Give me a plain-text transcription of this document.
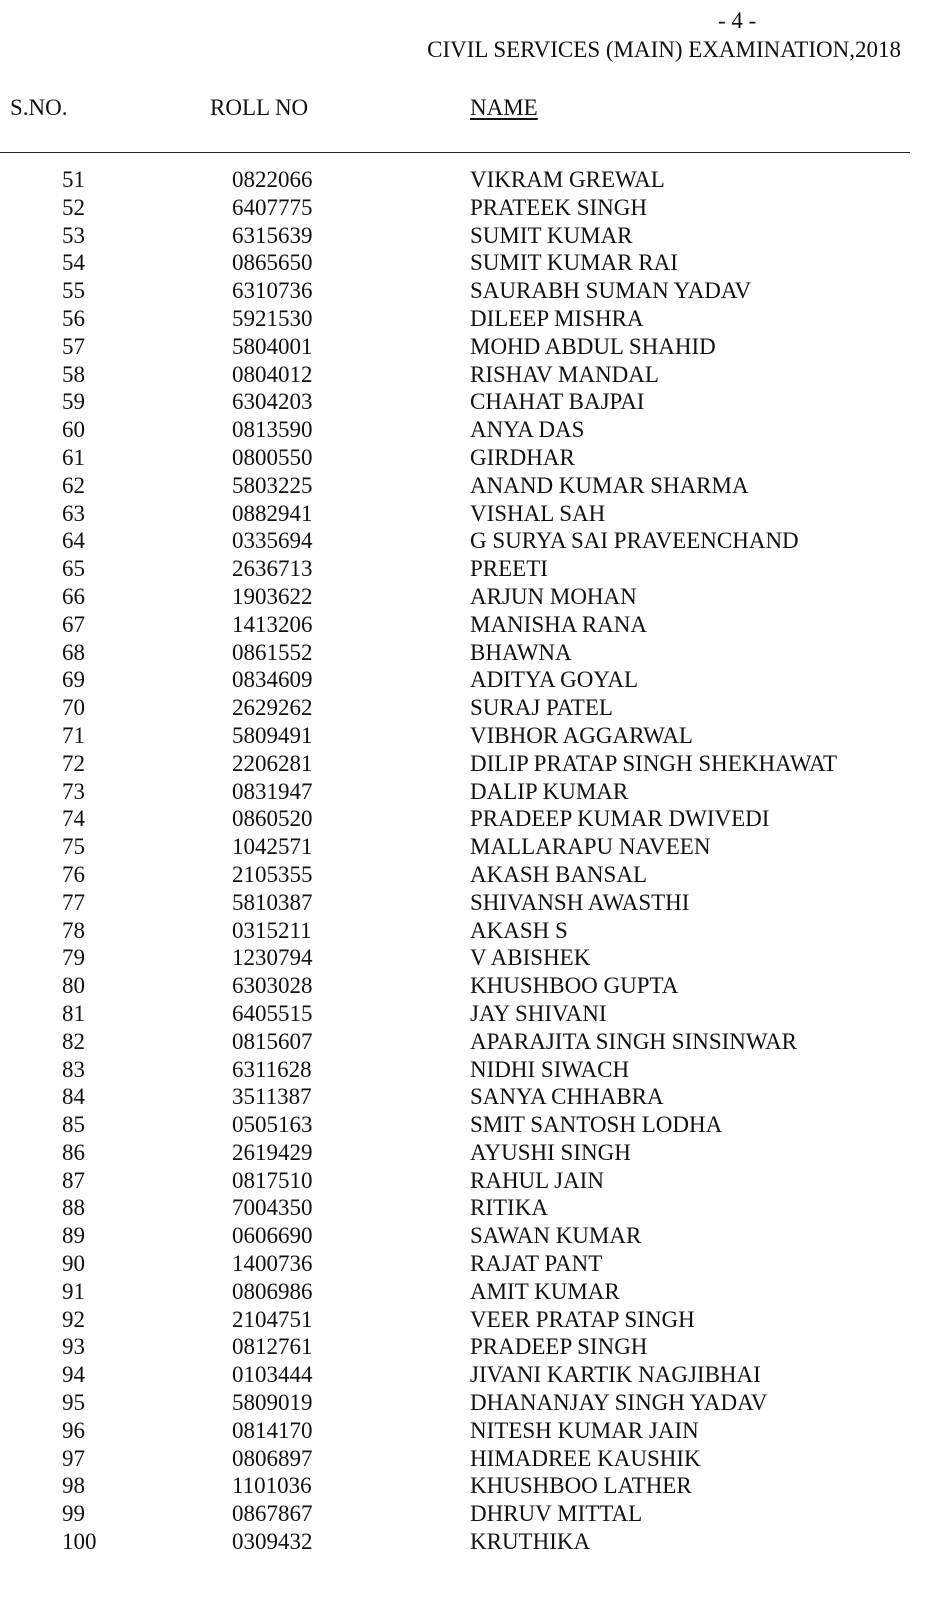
- 4 -
CIVIL SERVICES (MAIN) EXAMINATION,2018
S.NO.	ROLL NO	NAME
51	0822066	VIKRAM GREWAL
52	6407775	PRATEEK SINGH
53	6315639	SUMIT KUMAR
54	0865650	SUMIT KUMAR RAI
55	6310736	SAURABH SUMAN YADAV
56	5921530	DILEEP MISHRA
57	5804001	MOHD ABDUL SHAHID
58	0804012	RISHAV MANDAL
59	6304203	CHAHAT BAJPAI
60	0813590	ANYA DAS
61	0800550	GIRDHAR
62	5803225	ANAND KUMAR SHARMA
63	0882941	VISHAL SAH
64	0335694	G SURYA SAI PRAVEENCHAND
65	2636713	PREETI
66	1903622	ARJUN MOHAN
67	1413206	MANISHA RANA
68	0861552	BHAWNA
69	0834609	ADITYA GOYAL
70	2629262	SURAJ PATEL
71	5809491	VIBHOR AGGARWAL
72	2206281	DILIP PRATAP SINGH SHEKHAWAT
73	0831947	DALIP KUMAR
74	0860520	PRADEEP KUMAR DWIVEDI
75	1042571	MALLARAPU NAVEEN
76	2105355	AKASH BANSAL
77	5810387	SHIVANSH AWASTHI
78	0315211	AKASH S
79	1230794	V ABISHEK
80	6303028	KHUSHBOO GUPTA
81	6405515	JAY SHIVANI
82	0815607	APARAJITA SINGH SINSINWAR
83	6311628	NIDHI SIWACH
84	3511387	SANYA CHHABRA
85	0505163	SMIT SANTOSH LODHA
86	2619429	AYUSHI SINGH
87	0817510	RAHUL JAIN
88	7004350	RITIKA
89	0606690	SAWAN KUMAR
90	1400736	RAJAT PANT
91	0806986	AMIT KUMAR
92	2104751	VEER PRATAP SINGH
93	0812761	PRADEEP SINGH
94	0103444	JIVANI KARTIK NAGJIBHAI
95	5809019	DHANANJAY SINGH YADAV
96	0814170	NITESH KUMAR JAIN
97	0806897	HIMADREE KAUSHIK
98	1101036	KHUSHBOO LATHER
99	0867867	DHRUV MITTAL
100	0309432	KRUTHIKA
